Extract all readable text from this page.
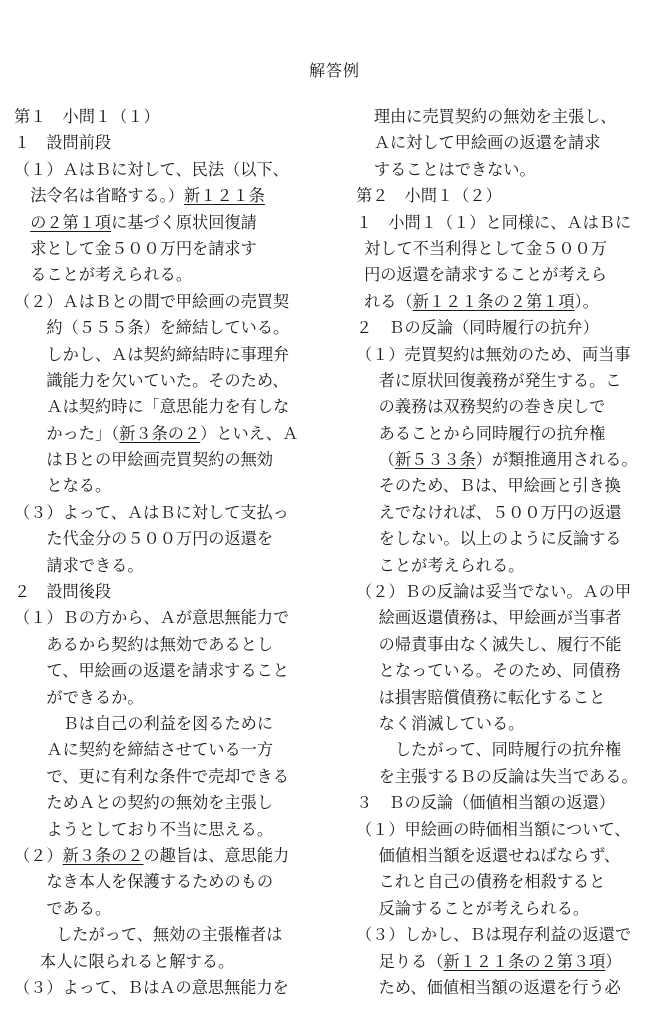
解答例
第１　小問１（１）
１　設問前段
（１）ＡはＢに対して、民法（以下、
法令名は省略する。）新１２１条
の２第１項に基づく原状回復請
求として金５００万円を請求す
ることが考えられる。
（２）ＡはＢとの間で甲絵画の売買契
約（５５５条）を締結している。
しかし、Ａは契約締結時に事理弁
識能力を欠いていた。そのため、
Ａは契約時に「意思能力を有しな
かった」（新３条の２）といえ、Ａ
はＢとの甲絵画売買契約の無効
となる。
（３）よって、ＡはＢに対して支払っ
た代金分の５００万円の返還を
請求できる。
２　設問後段
（１）Ｂの方から、Ａが意思無能力で
あるから契約は無効であるとし
て、甲絵画の返還を請求すること
ができるか。
Ｂは自己の利益を図るために
Ａに契約を締結させている一方
で、更に有利な条件で売却できる
ためＡとの契約の無効を主張し
ようとしており不当に思える。
（２）新３条の２の趣旨は、意思能力
なき本人を保護するためのもの
である。
したがって、無効の主張権者は
本人に限られると解する。
（３）よって、ＢはＡの意思無能力を
理由に売買契約の無効を主張し、
Ａに対して甲絵画の返還を請求
することはできない。
第２　小問１（２）
１　小問１（１）と同様に、ＡはＢに
対して不当利得として金５００万
円の返還を請求することが考えら
れる（新１２１条の２第１項）。
２　Ｂの反論（同時履行の抗弁）
（１）売買契約は無効のため、両当事
者に原状回復義務が発生する。こ
の義務は双務契約の巻き戻しで
あることから同時履行の抗弁権
（新５３３条）が類推適用される。
そのため、Ｂは、甲絵画と引き換
えでなければ、５００万円の返還
をしない。以上のように反論する
ことが考えられる。
（２）Ｂの反論は妥当でない。Ａの甲
絵画返還債務は、甲絵画が当事者
の帰責事由なく滅失し、履行不能
となっている。そのため、同債務
は損害賠償債務に転化すること
なく消滅している。
したがって、同時履行の抗弁権
を主張するＢの反論は失当である。
３　Ｂの反論（価値相当額の返還）
（１）甲絵画の時価相当額について、
価値相当額を返還せねばならず、
これと自己の債務を相殺すると
反論することが考えられる。
（３）しかし、Ｂは現存利益の返還で
足りる（新１２１条の２第３項）
ため、価値相当額の返還を行う必
